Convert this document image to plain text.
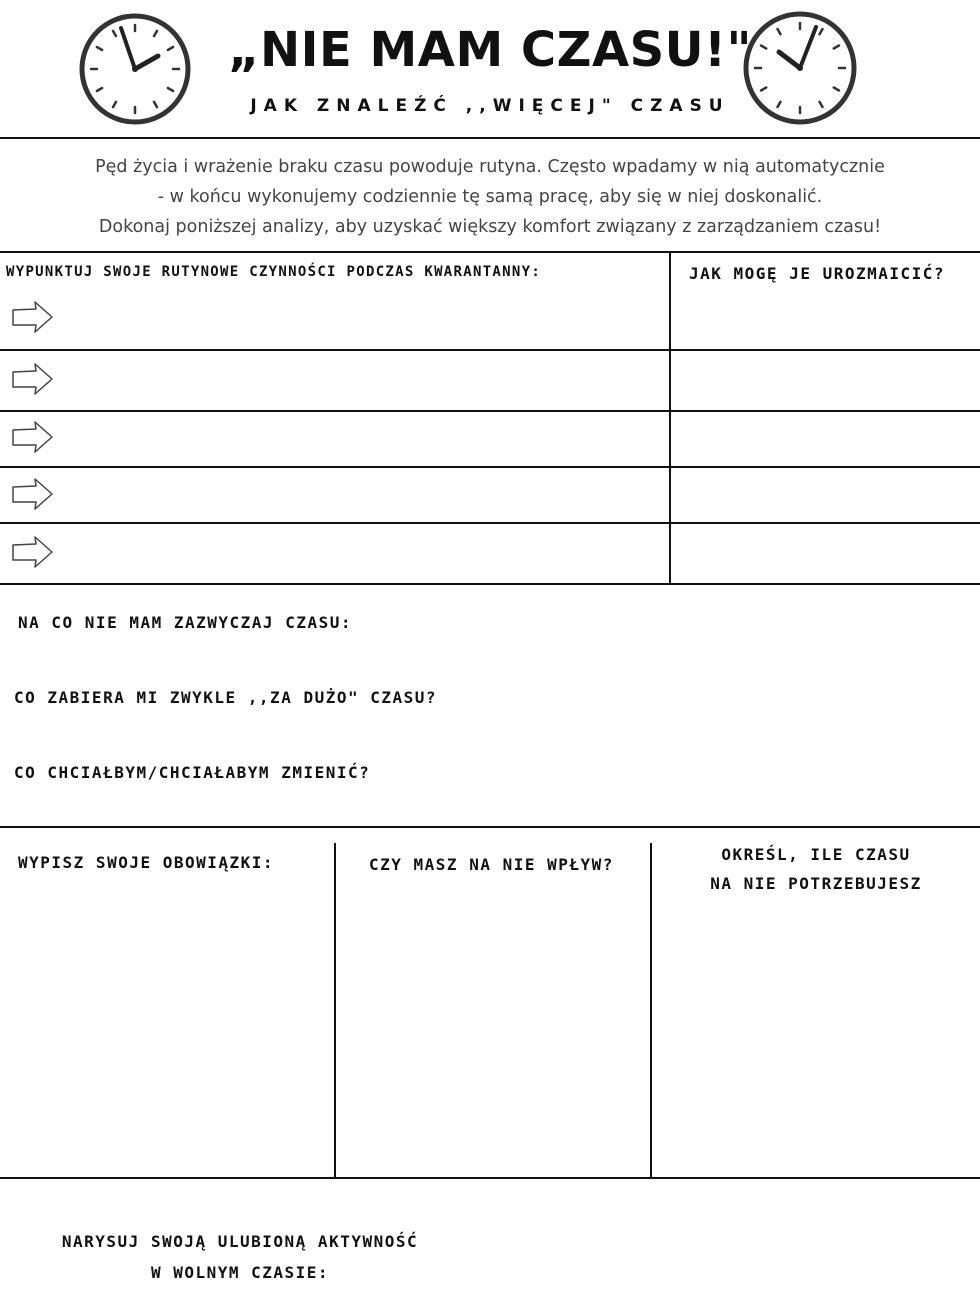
„NIE MAM CZASU!"
JAK ZNALEŹĆ ,,WIĘCEJ" CZASU
Pęd życia i wrażenie braku czasu powoduje rutyna. Często wpadamy w nią automatycznie
- w końcu wykonujemy codziennie tę samą pracę, aby się w niej doskonalić.
Dokonaj poniższej analizy, aby uzyskać większy komfort związany z zarządzaniem czasu!
WYPUNKTUJ SWOJE RUTYNOWE CZYNNOŚCI PODCZAS KWARANTANNY:	JAK MOGĘ JE UROZMAICIĆ?
NA CO NIE MAM ZAZWYCZAJ CZASU:
CO ZABIERA MI ZWYKLE ,,ZA DUŻO" CZASU?
CO CHCIAŁBYM/CHCIAŁABYM ZMIENIĆ?
WYPISZ SWOJE OBOWIĄZKI:	CZY MASZ NA NIE WPŁYW?
OKREŚL, ILE CZASU
NA NIE POTRZEBUJESZ
NARYSUJ SWOJĄ ULUBIONĄ AKTYWNOŚĆ
W WOLNYM CZASIE:
